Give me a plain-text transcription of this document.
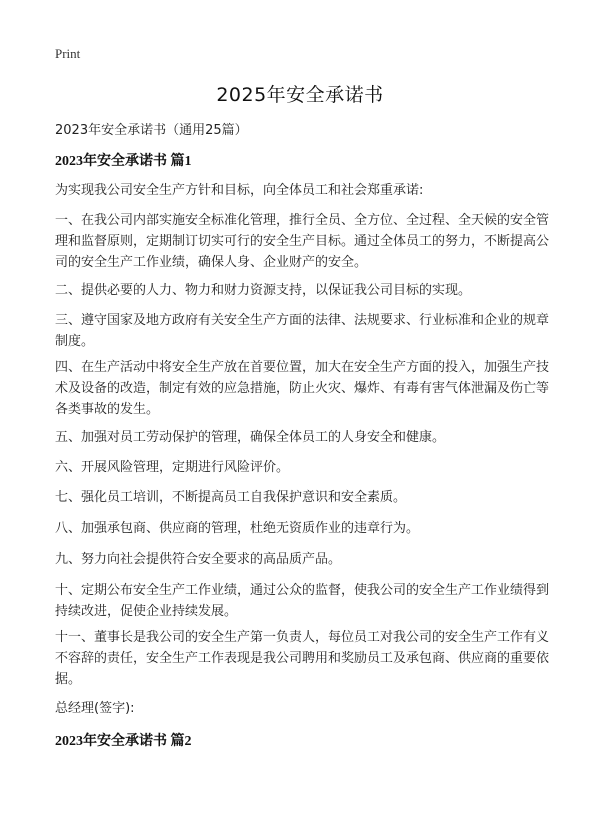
Print
2025年安全承诺书

2023年安全承诺书（通用25篇）

2023年安全承诺书 篇1

为实现我公司安全生产方针和目标，向全体员工和社会郑重承诺:

一、在我公司内部实施安全标准化管理，推行全员、全方位、全过程、全天候的安全管理和监督原则，定期制订切实可行的安全生产目标。通过全体员工的努力，不断提高公司的安全生产工作业绩，确保人身、企业财产的安全。

二、提供必要的人力、物力和财力资源支持，以保证我公司目标的实现。

三、遵守国家及地方政府有关安全生产方面的法律、法规要求、行业标准和企业的规章制度。

四、在生产活动中将安全生产放在首要位置，加大在安全生产方面的投入，加强生产技术及设备的改造，制定有效的应急措施，防止火灾、爆炸、有毒有害气体泄漏及伤亡等各类事故的发生。

五、加强对员工劳动保护的管理，确保全体员工的人身安全和健康。

六、开展风险管理，定期进行风险评价。

七、强化员工培训，不断提高员工自我保护意识和安全素质。

八、加强承包商、供应商的管理，杜绝无资质作业的违章行为。

九、努力向社会提供符合安全要求的高品质产品。

十、定期公布安全生产工作业绩，通过公众的监督，使我公司的安全生产工作业绩得到持续改进，促使企业持续发展。

十一、董事长是我公司的安全生产第一负责人，每位员工对我公司的安全生产工作有义不容辞的责任，安全生产工作表现是我公司聘用和奖励员工及承包商、供应商的重要依据。

总经理(签字):

2023年安全承诺书 篇2
